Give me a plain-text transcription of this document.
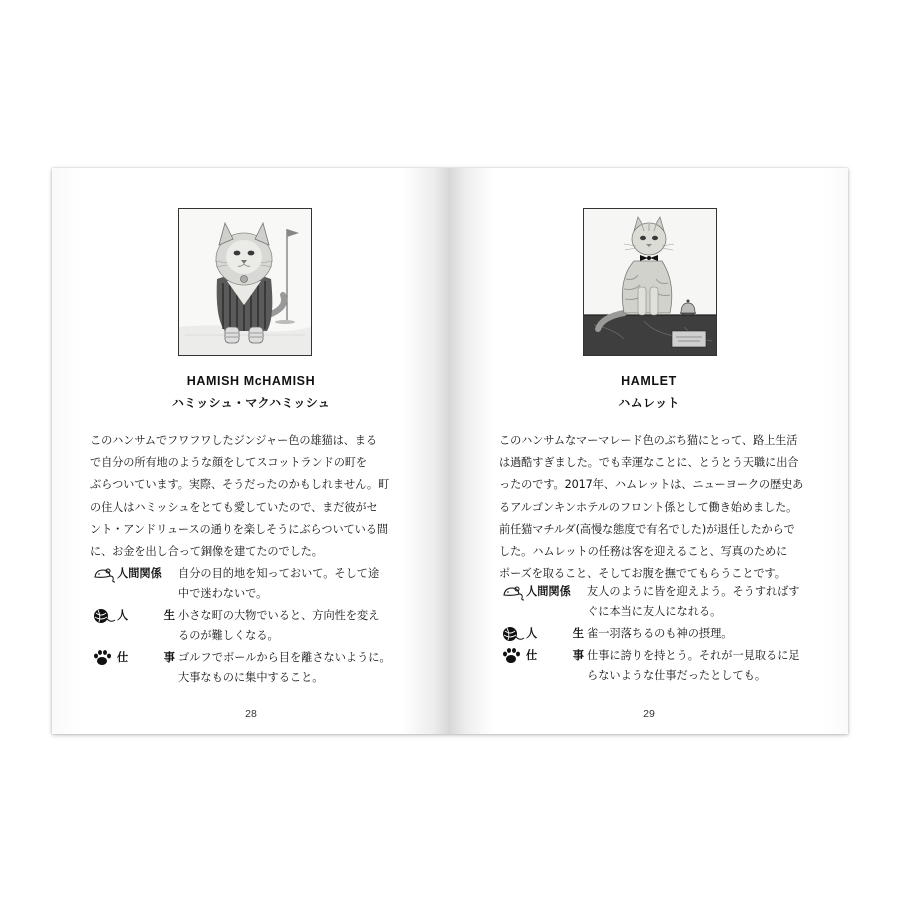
HAMISH McHAMISH
ハミッシュ・マクハミッシュ
このハンサムでフワフワしたジンジャー色の雄猫は、まる
で自分の所有地のような顔をしてスコットランドの町を
ぶらついています。実際、そうだったのかもしれません。町
の住人はハミッシュをとても愛していたので、まだ彼がセ
ント・アンドリュースの通りを楽しそうにぶらついている間
に、お金を出し合って銅像を建てたのでした。
人間関係 自分の目的地を知っておいて。そして途
中で迷わないで。
人	生 小さな町の大物でいると、方向性を変え
るのが難しくなる。
仕	事 ゴルフでボールから目を離さないように。
大事なものに集中すること。
28
HAMLET
ハムレット
このハンサムなマーマレード色のぶち猫にとって、路上生活
は過酷すぎました。でも幸運なことに、とうとう天職に出合
ったのです。2017年、ハムレットは、ニューヨークの歴史あ
るアルゴンキンホテルのフロント係として働き始めました。
前任猫マチルダ(高慢な態度で有名でした)が退任したからで
した。ハムレットの任務は客を迎えること、写真のために
ポーズを取ること、そしてお腹を撫でてもらうことです。
人間関係 友人のように皆を迎えよう。そうすればす
ぐに本当に友人になれる。
人	生 雀一羽落ちるのも神の摂理。
仕	事 仕事に誇りを持とう。それが一見取るに足
らないような仕事だったとしても。
29
